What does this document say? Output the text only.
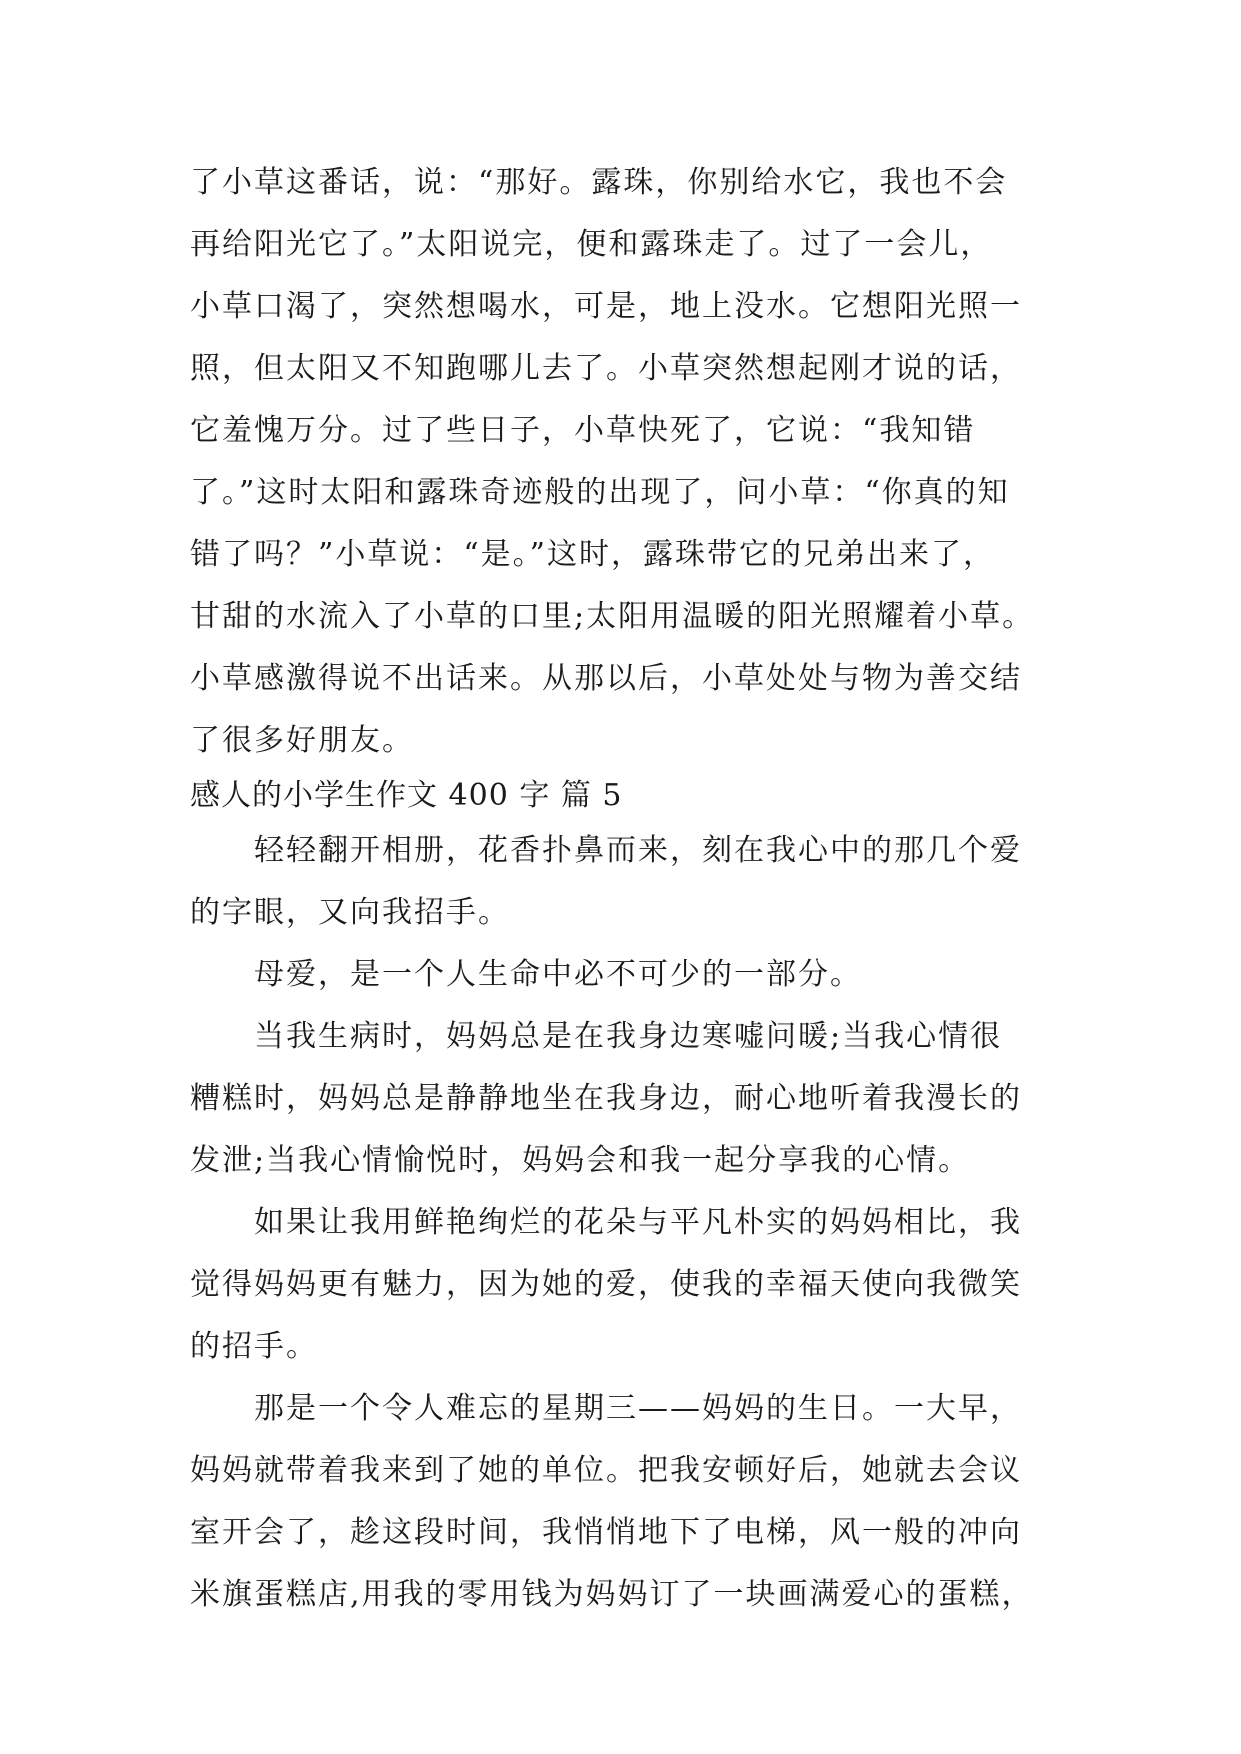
了小草这番话，说：“那好。露珠，你别给水它，我也不会
再给阳光它了。”太阳说完，便和露珠走了。过了一会儿，
小草口渴了，突然想喝水，可是，地上没水。它想阳光照一
照，但太阳又不知跑哪儿去了。小草突然想起刚才说的话，
它羞愧万分。过了些日子，小草快死了，它说：“我知错
了。”这时太阳和露珠奇迹般的出现了，问小草：“你真的知
错了吗？”小草说：“是。”这时，露珠带它的兄弟出来了，
甘甜的水流入了小草的口里;太阳用温暖的阳光照耀着小草。
小草感激得说不出话来。从那以后，小草处处与物为善交结
了很多好朋友。
感人的小学生作文 400 字 篇 5
轻轻翻开相册，花香扑鼻而来，刻在我心中的那几个爱
的字眼，又向我招手。
母爱，是一个人生命中必不可少的一部分。
当我生病时，妈妈总是在我身边寒嘘问暖;当我心情很
糟糕时，妈妈总是静静地坐在我身边，耐心地听着我漫长的
发泄;当我心情愉悦时，妈妈会和我一起分享我的心情。
如果让我用鲜艳绚烂的花朵与平凡朴实的妈妈相比，我
觉得妈妈更有魅力，因为她的爱，使我的幸福天使向我微笑
的招手。
那是一个令人难忘的星期三——妈妈的生日。一大早，
妈妈就带着我来到了她的单位。把我安顿好后，她就去会议
室开会了，趁这段时间，我悄悄地下了电梯，风一般的冲向
米旗蛋糕店,用我的零用钱为妈妈订了一块画满爱心的蛋糕，
